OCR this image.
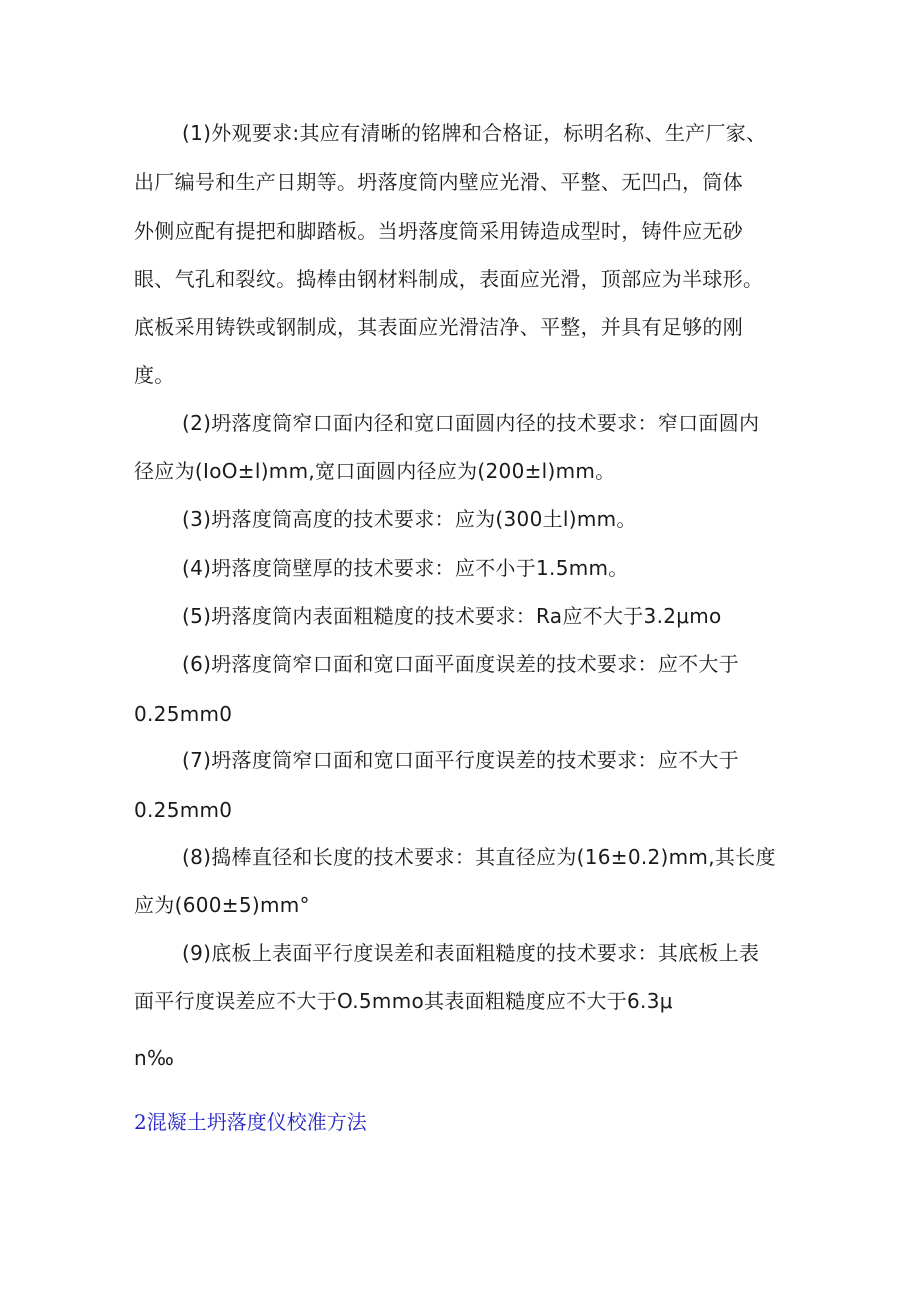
(1)外观要求:其应有清晰的铭牌和合格证，标明名称、生产厂家、
出厂编号和生产日期等。坍落度筒内壁应光滑、平整、无凹凸，筒体
外侧应配有提把和脚踏板。当坍落度筒采用铸造成型时，铸件应无砂
眼、气孔和裂纹。捣棒由钢材料制成，表面应光滑，顶部应为半球形。
底板采用铸铁或钢制成，其表面应光滑洁净、平整，并具有足够的刚
度。
(2)坍落度筒窄口面内径和宽口面圆内径的技术要求：窄口面圆内
径应为(IoO±l)mm,宽口面圆内径应为(200±l)mm。
(3)坍落度筒高度的技术要求：应为(300土l)mm。
(4)坍落度筒壁厚的技术要求：应不小于1.5mm。
(5)坍落度筒内表面粗糙度的技术要求：Ra应不大于3.2μmo
(6)坍落度筒窄口面和宽口面平面度误差的技术要求：应不大于
0.25mm0
(7)坍落度筒窄口面和宽口面平行度误差的技术要求：应不大于
0.25mm0
(8)捣棒直径和长度的技术要求：其直径应为(16±0.2)mm,其长度
应为(600±5)mm°
(9)底板上表面平行度误差和表面粗糙度的技术要求：其底板上表
面平行度误差应不大于O.5mmo其表面粗糙度应不大于6.3μ
n‰
2混凝土坍落度仪校准方法
